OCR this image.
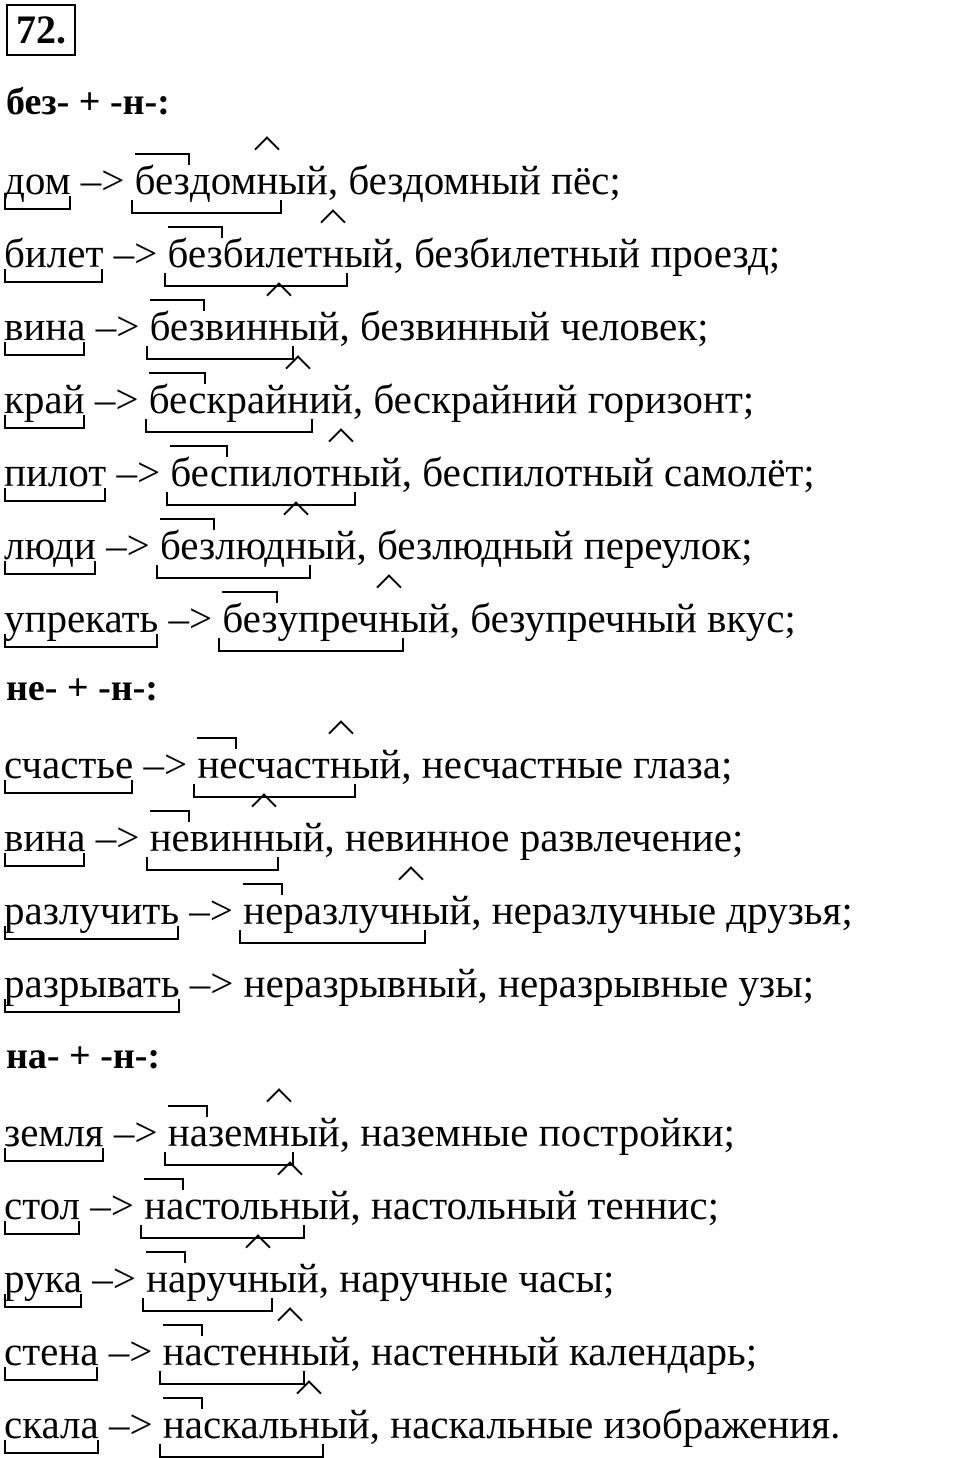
72.
без- + -н-:
дом –> бездомный, бездомный пёс;
билет –> безбилетный, безбилетный проезд;
вина –> безвинный, безвинный человек;
край –> бескрайний, бескрайний горизонт;
пилот –> беспилотный, беспилотный самолёт;
люди –> безлюдный, безлюдный переулок;
упрекать –> безупречный, безупречный вкус;
не- + -н-:
счастье –> несчастный, несчастные глаза;
вина –> невинный, невинное развлечение;
разлучить –> неразлучный, неразлучные друзья;
разрывать –> неразрывный, неразрывные узы;
на- + -н-:
земля –> наземный, наземные постройки;
стол –> настольный, настольный теннис;
рука –> наручный, наручные часы;
стена –> настенный, настенный календарь;
скала –> наскальный, наскальные изображения.
